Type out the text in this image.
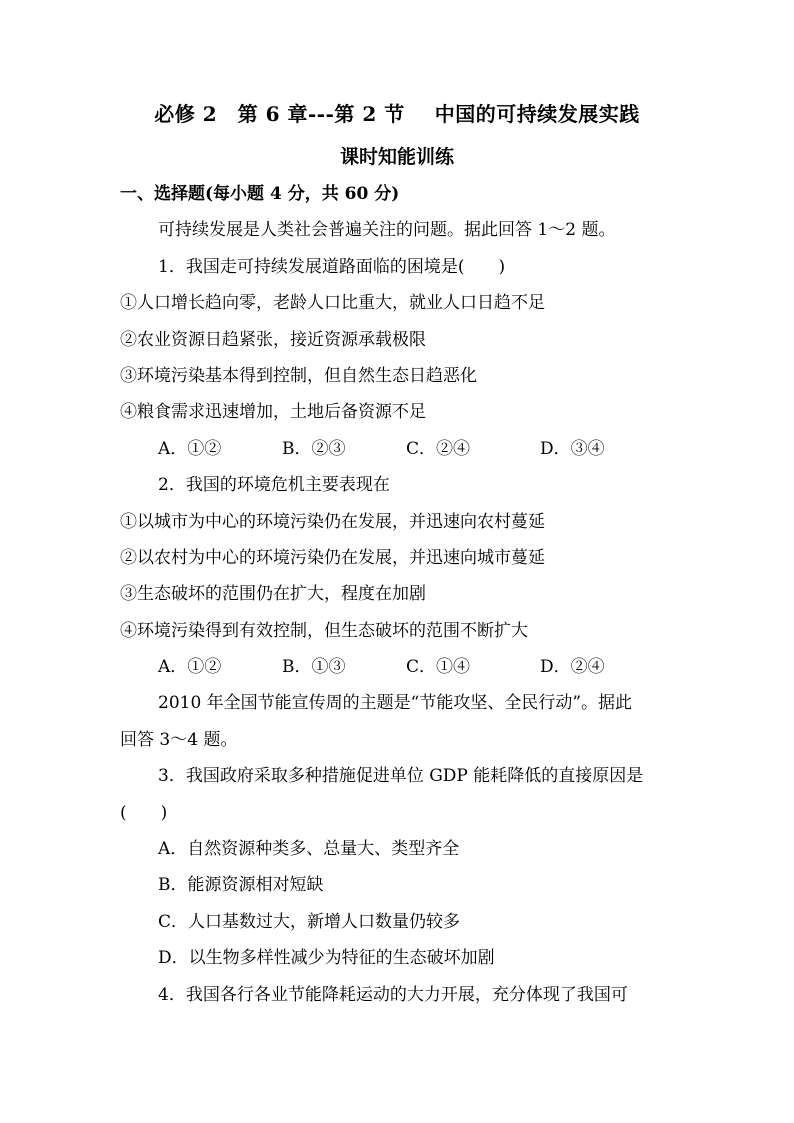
必修 2　第 6 章---第 2 节 中国的可持续发展实践
课时知能训练
一、选择题(每小题 4 分，共 60 分)
可持续发展是人类社会普遍关注的问题。据此回答 1～2 题。
1．我国走可持续发展道路面临的困境是(　　)
①人口增长趋向零，老龄人口比重大，就业人口日趋不足
②农业资源日趋紧张，接近资源承载极限
③环境污染基本得到控制，但自然生态日趋恶化
④粮食需求迅速增加，土地后备资源不足
A．①②	B．②③	C．②④	D．③④
2．我国的环境危机主要表现在
①以城市为中心的环境污染仍在发展，并迅速向农村蔓延
②以农村为中心的环境污染仍在发展，并迅速向城市蔓延
③生态破坏的范围仍在扩大，程度在加剧
④环境污染得到有效控制，但生态破坏的范围不断扩大
A．①②	B．①③	C．①④	D．②④
2010 年全国节能宣传周的主题是“节能攻坚、全民行动”。据此
回答 3～4 题。
3．我国政府采取多种措施促进单位 GDP 能耗降低的直接原因是
(　　)
A．自然资源种类多、总量大、类型齐全
B．能源资源相对短缺
C．人口基数过大，新增人口数量仍较多
D．以生物多样性减少为特征的生态破坏加剧
4．我国各行各业节能降耗运动的大力开展，充分体现了我国可
